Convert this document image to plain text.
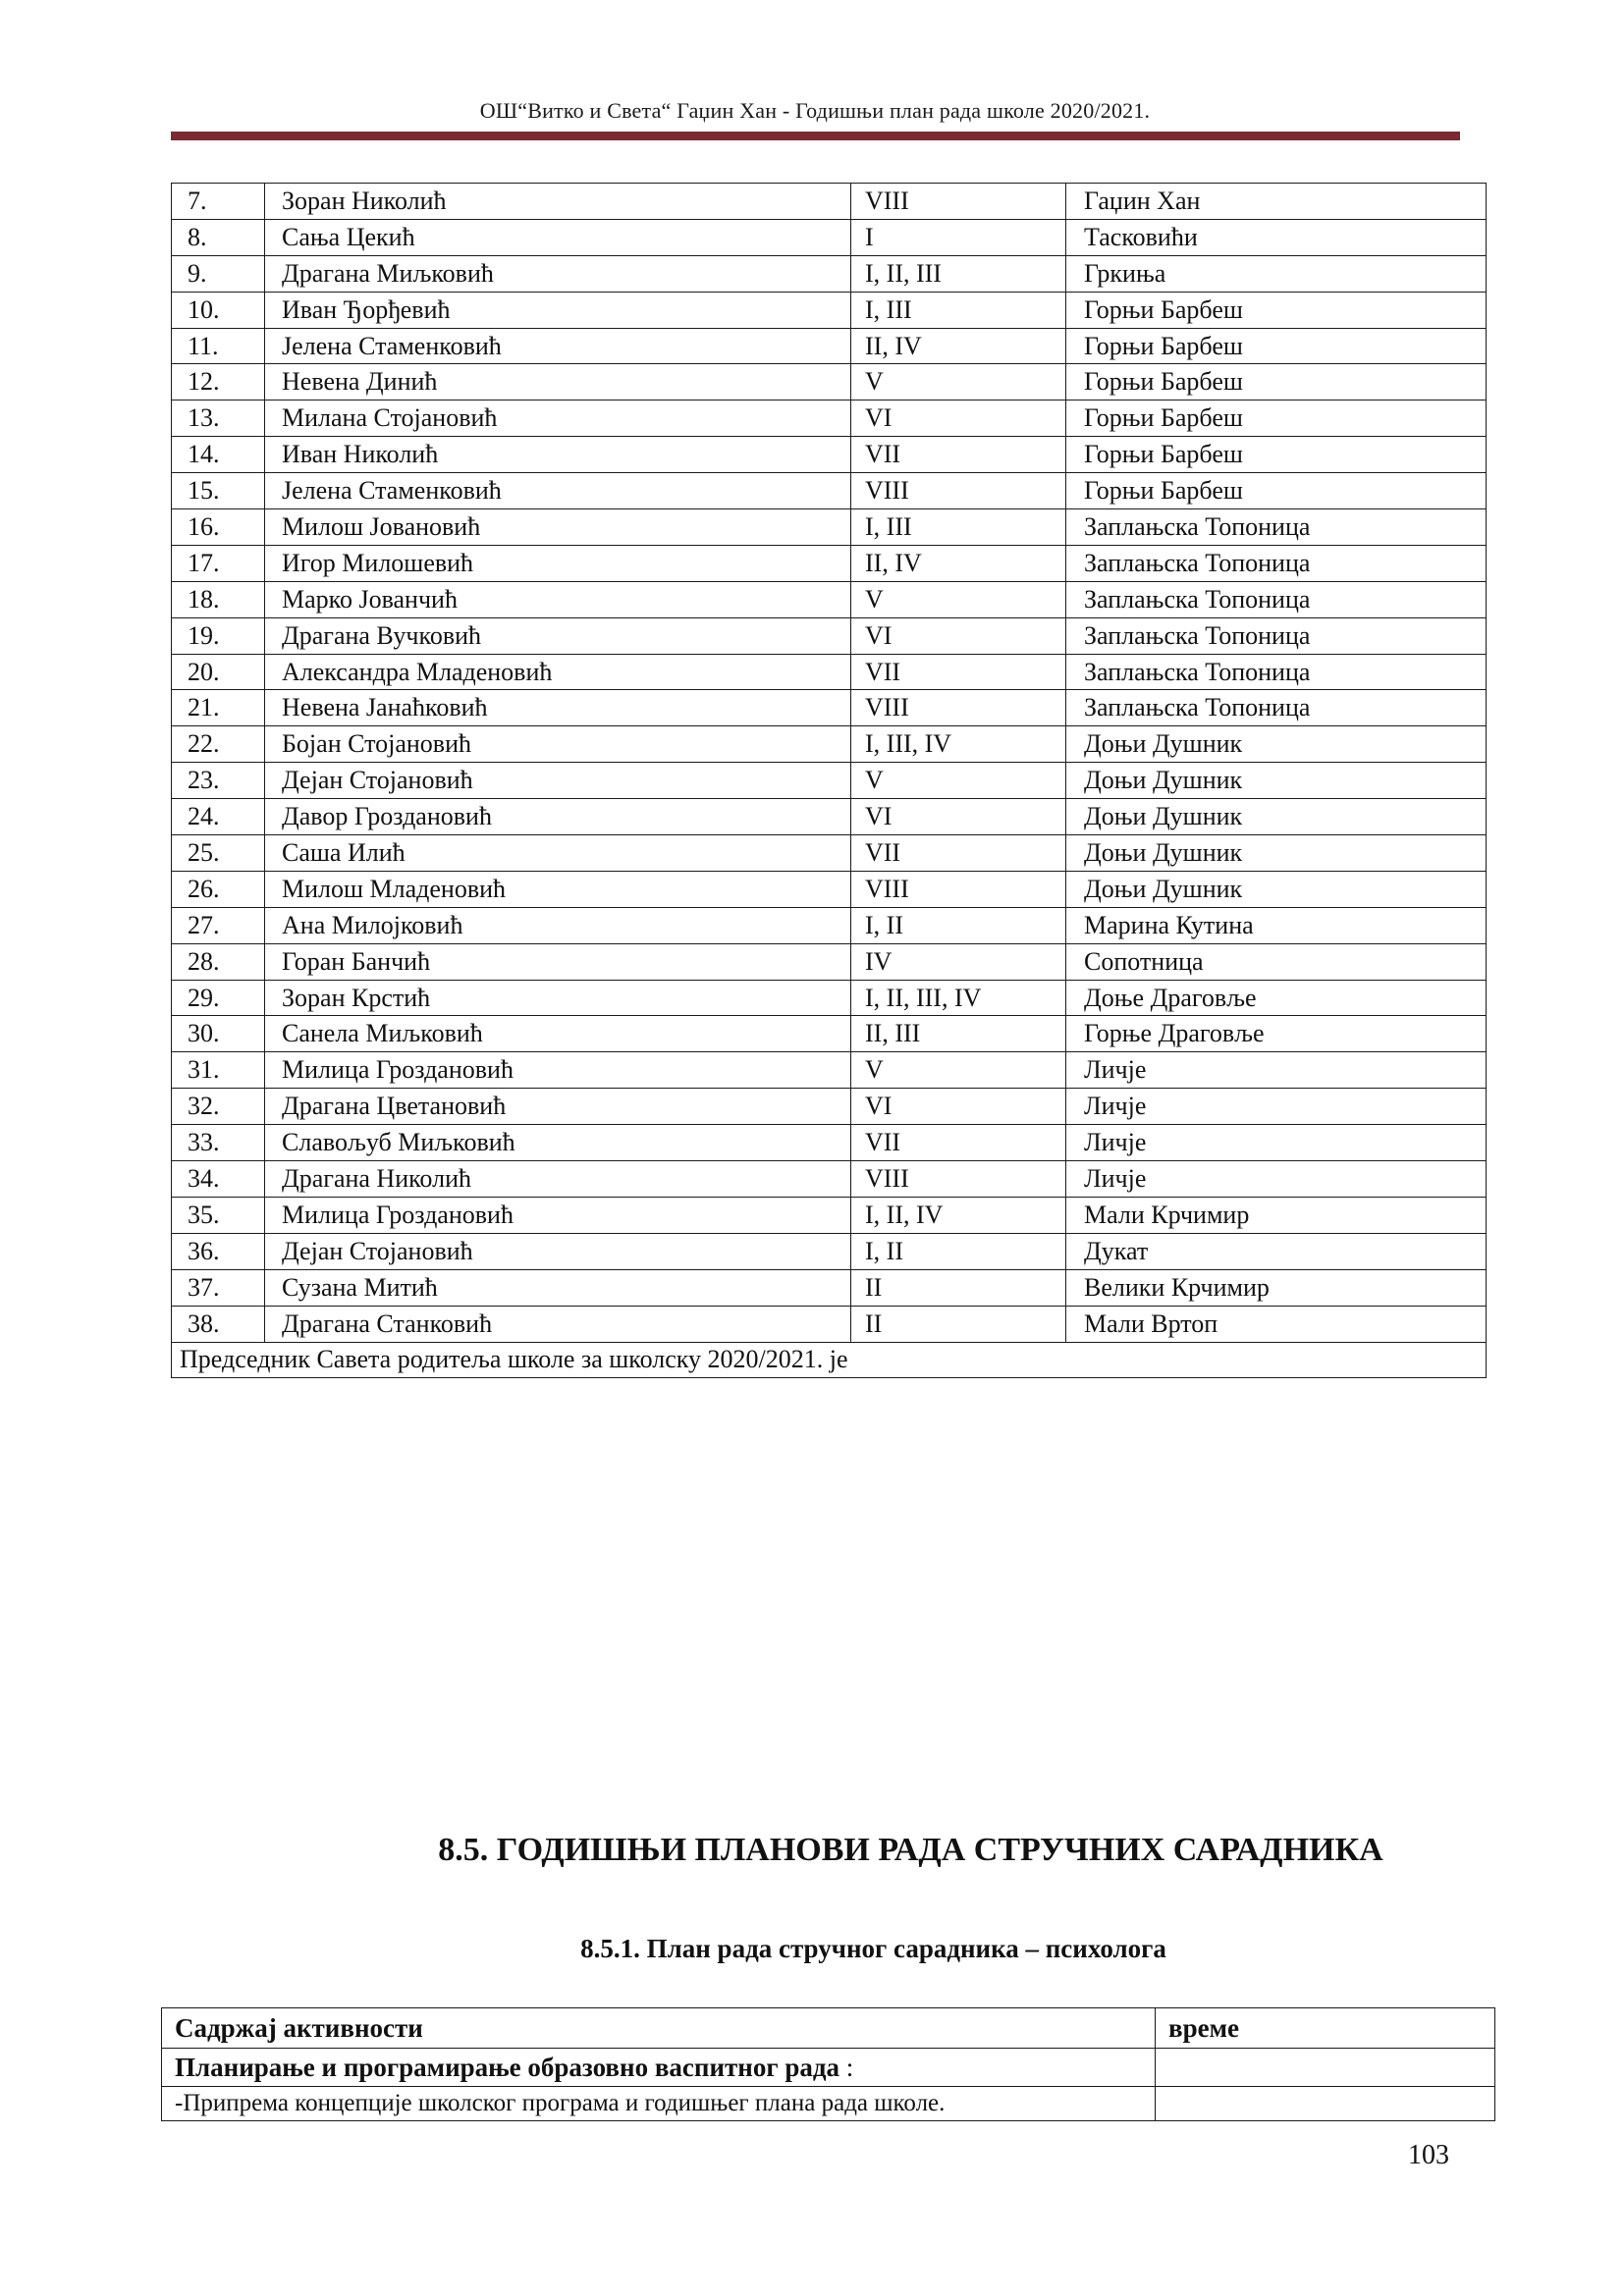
ОШ“Витко и Света“ Гаџин Хан - Годишњи план рада школе 2020/2021.
7.	Зоран Николић	VIII	Гаџин Хан
8.	Сања Цекић	I	Тасковићи
9.	Драгана Миљковић	I, II, III	Гркиња
10.	Иван Ђорђевић	I, III	Горњи Барбеш
11.	Јелена Стаменковић	II, IV	Горњи Барбеш
12.	Невена Динић	V	Горњи Барбеш
13.	Милана Стојановић	VI	Горњи Барбеш
14.	Иван Николић	VII	Горњи Барбеш
15.	Јелена Стаменковић	VIII	Горњи Барбеш
16.	Милош Јовановић	I, III	Заплањска Топоница
17.	Игор Милошевић	II, IV	Заплањска Топоница
18.	Марко Јованчић	V	Заплањска Топоница
19.	Драгана Вучковић	VI	Заплањска Топоница
20.	Александра Младеновић	VII	Заплањска Топоница
21.	Невена Јанаћковић	VIII	Заплањска Топоница
22.	Бојан Стојановић	I, III, IV	Доњи Душник
23.	Дејан Стојановић	V	Доњи Душник
24.	Давор Гроздановић	VI	Доњи Душник
25.	Саша Илић	VII	Доњи Душник
26.	Милош Младеновић	VIII	Доњи Душник
27.	Ана Милојковић	I, II	Марина Кутина
28.	Горан Банчић	IV	Сопотница
29.	Зоран Крстић	I, II, III, IV	Доње Драговље
30.	Санела Миљковић	II, III	Горње Драговље
31.	Милица Гроздановић	V	Личје
32.	Драгана Цветановић	VI	Личје
33.	Славољуб Миљковић	VII	Личје
34.	Драгана Николић	VIII	Личје
35.	Милица Гроздановић	I, II, IV	Мали Крчимир
36.	Дејан Стојановић	I, II	Дукат
37.	Сузана Митић	II	Велики Крчимир
38.	Драгана Станковић	II	Мали Вртоп
Председник Савета родитеља школе за школску 2020/2021. је			
8.5. ГОДИШЊИ ПЛАНОВИ РАДА СТРУЧНИХ САРАДНИКА
8.5.1. План рада стручног сарадника – психолога
Садржај активности	време
Планирање и програмирање образовно васпитног рада :	
-Припрема концепције школског програма и годишњег плана рада школе.	
103
